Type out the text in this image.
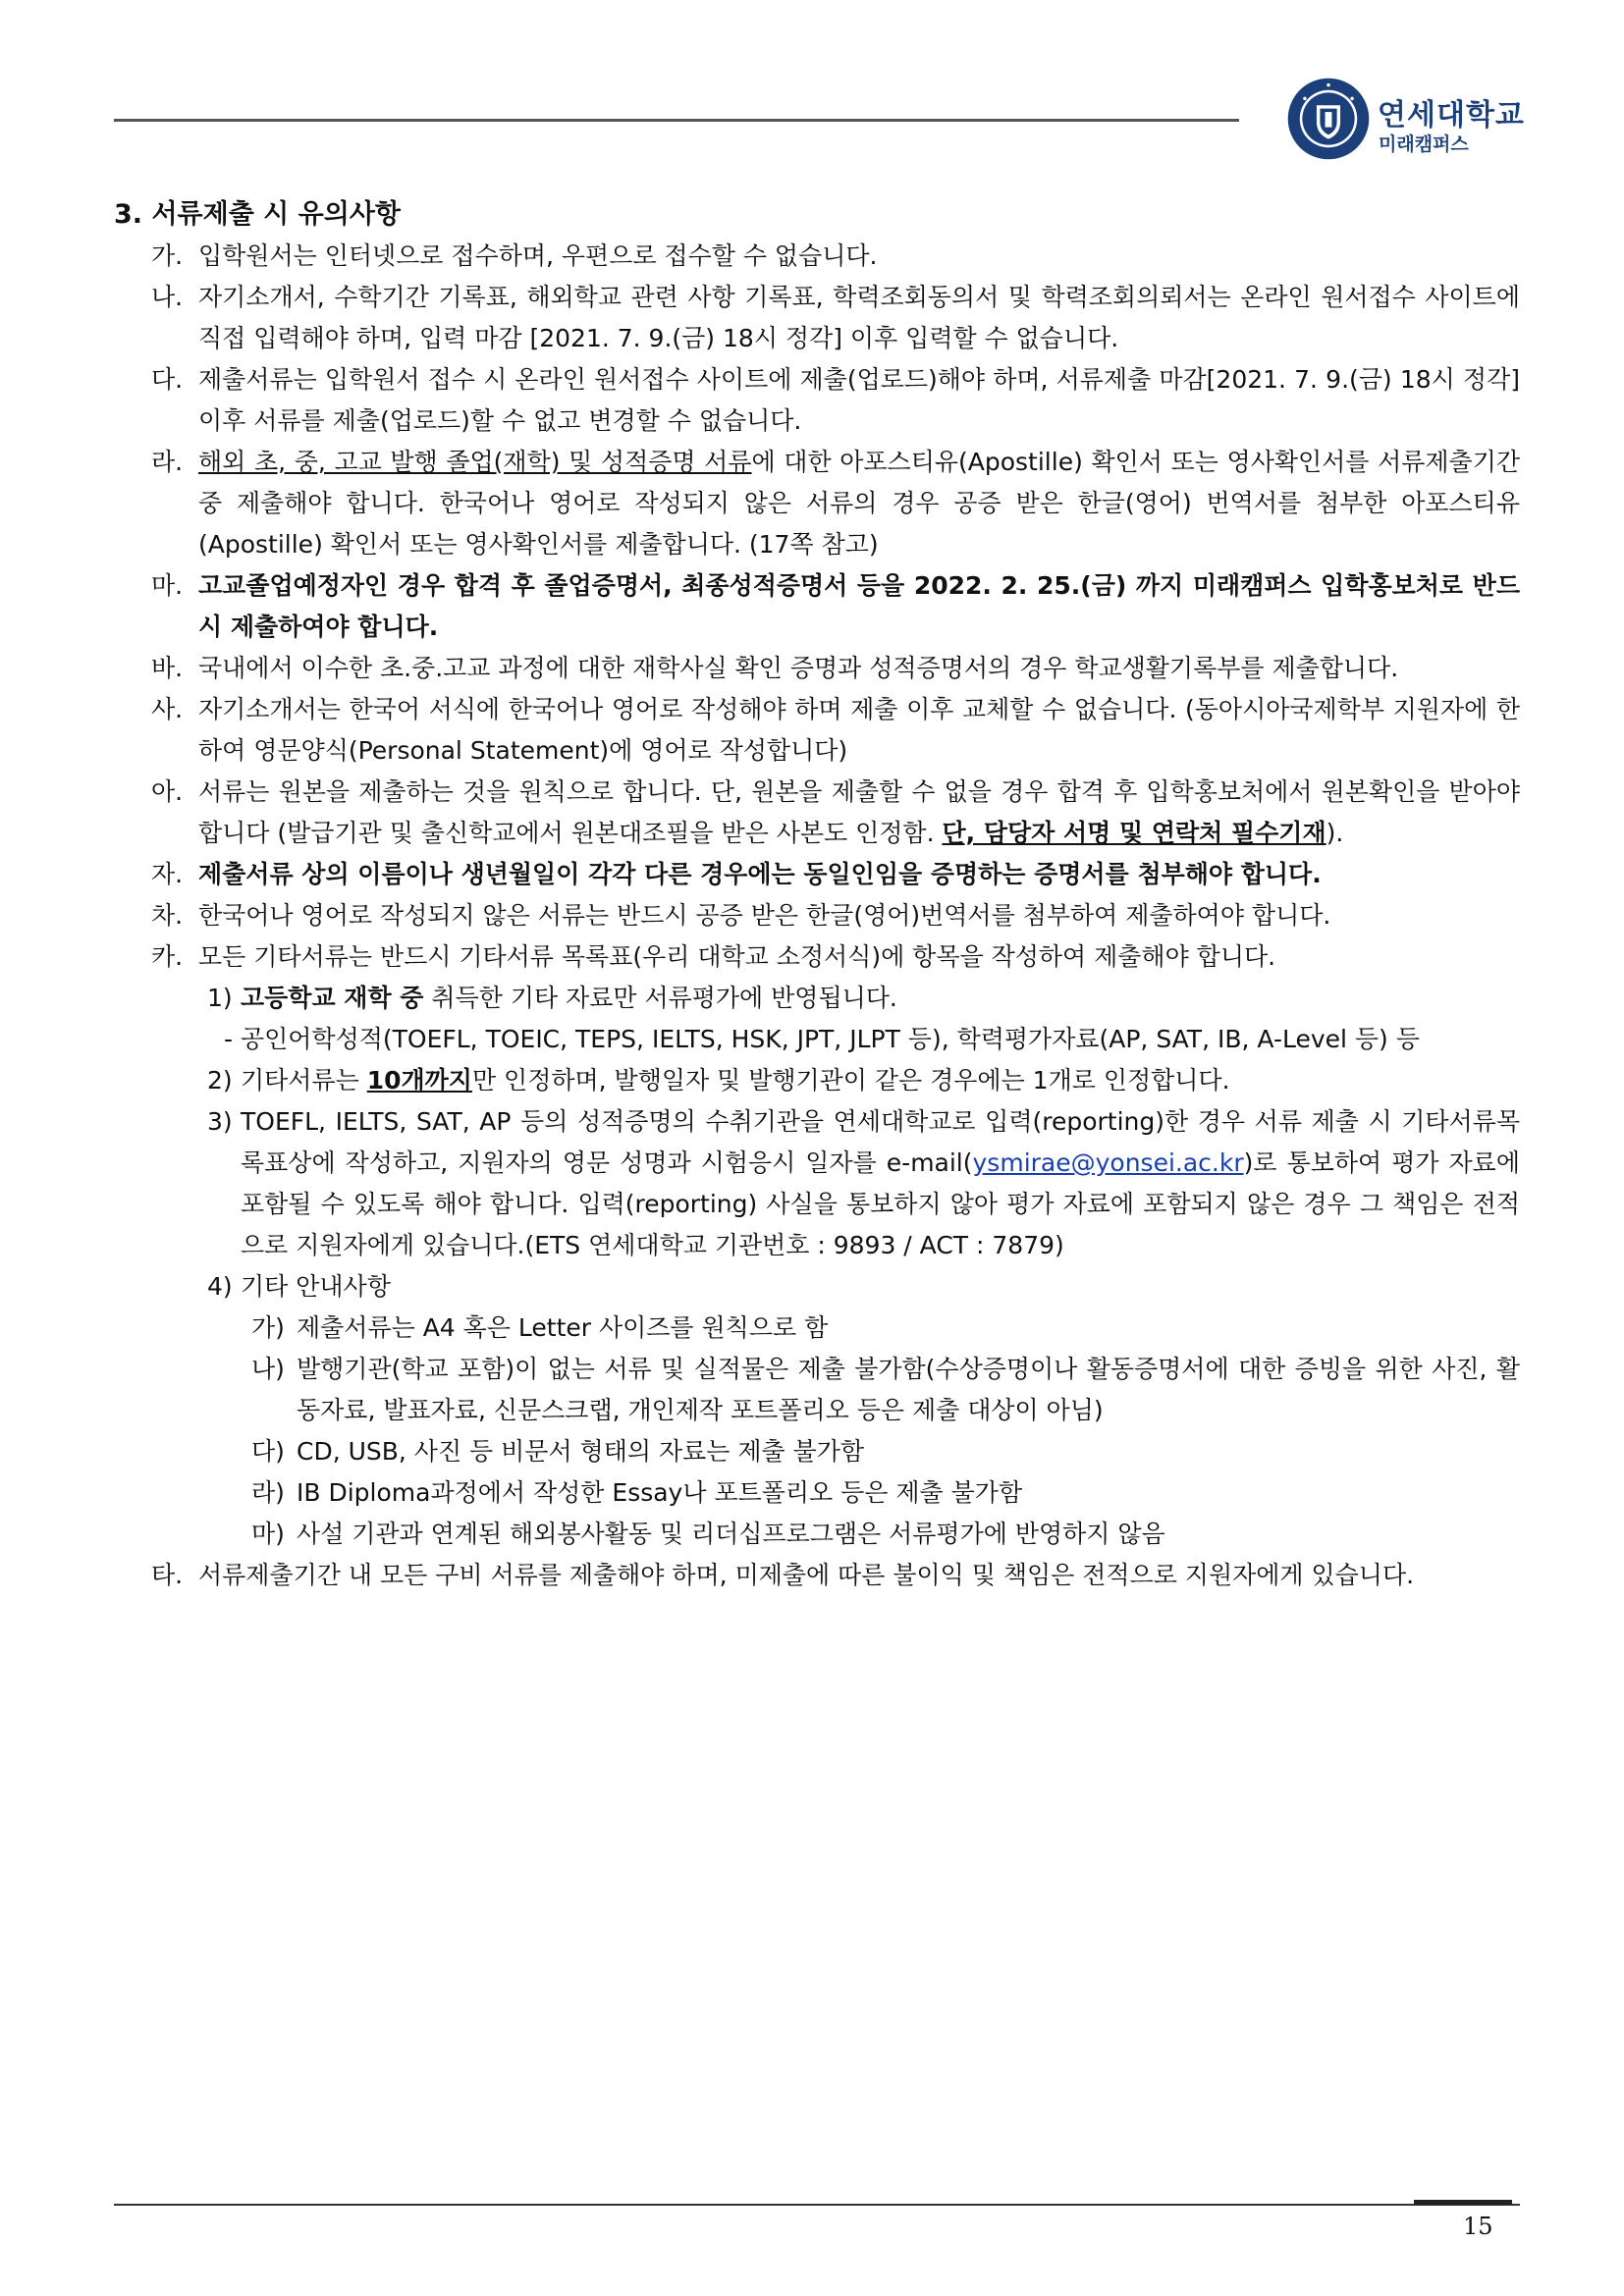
연세대학교
미래캠퍼스
3. 서류제출 시 유의사항
가. 입학원서는 인터넷으로 접수하며, 우편으로 접수할 수 없습니다.
나. 자기소개서, 수학기간 기록표, 해외학교 관련 사항 기록표, 학력조회동의서 및 학력조회의뢰서는 온라인 원서접수 사이트에 직접 입력해야 하며, 입력 마감 [2021. 7. 9.(금) 18시 정각] 이후 입력할 수 없습니다.
다. 제출서류는 입학원서 접수 시 온라인 원서접수 사이트에 제출(업로드)해야 하며, 서류제출 마감[2021. 7. 9.(금) 18시 정각] 이후 서류를 제출(업로드)할 수 없고 변경할 수 없습니다.
라. 해외 초, 중, 고교 발행 졸업(재학) 및 성적증명 서류에 대한 아포스티유(Apostille) 확인서 또는 영사확인서를 서류제출기간 중 제출해야 합니다. 한국어나 영어로 작성되지 않은 서류의 경우 공증 받은 한글(영어) 번역서를 첨부한 아포스티유(Apostille) 확인서 또는 영사확인서를 제출합니다. (17쪽 참고)
마. 고교졸업예정자인 경우 합격 후 졸업증명서, 최종성적증명서 등을 2022. 2. 25.(금) 까지 미래캠퍼스 입학홍보처로 반드시 제출하여야 합니다.
바. 국내에서 이수한 초.중.고교 과정에 대한 재학사실 확인 증명과 성적증명서의 경우 학교생활기록부를 제출합니다.
사. 자기소개서는 한국어 서식에 한국어나 영어로 작성해야 하며 제출 이후 교체할 수 없습니다. (동아시아국제학부 지원자에 한하여 영문양식(Personal Statement)에 영어로 작성합니다)
아. 서류는 원본을 제출하는 것을 원칙으로 합니다. 단, 원본을 제출할 수 없을 경우 합격 후 입학홍보처에서 원본확인을 받아야 합니다 (발급기관 및 출신학교에서 원본대조필을 받은 사본도 인정함. 단, 담당자 서명 및 연락처 필수기재).
자. 제출서류 상의 이름이나 생년월일이 각각 다른 경우에는 동일인임을 증명하는 증명서를 첨부해야 합니다.
차. 한국어나 영어로 작성되지 않은 서류는 반드시 공증 받은 한글(영어)번역서를 첨부하여 제출하여야 합니다.
카. 모든 기타서류는 반드시 기타서류 목록표(우리 대학교 소정서식)에 항목을 작성하여 제출해야 합니다.
1) 고등학교 재학 중 취득한 기타 자료만 서류평가에 반영됩니다.
- 공인어학성적(TOEFL, TOEIC, TEPS, IELTS, HSK, JPT, JLPT 등), 학력평가자료(AP, SAT, IB, A-Level 등) 등
2) 기타서류는 10개까지만 인정하며, 발행일자 및 발행기관이 같은 경우에는 1개로 인정합니다.
3) TOEFL, IELTS, SAT, AP 등의 성적증명의 수취기관을 연세대학교로 입력(reporting)한 경우 서류 제출 시 기타서류목록표상에 작성하고, 지원자의 영문 성명과 시험응시 일자를 e-mail(ysmirae@yonsei.ac.kr)로 통보하여 평가 자료에 포함될 수 있도록 해야 합니다. 입력(reporting) 사실을 통보하지 않아 평가 자료에 포함되지 않은 경우 그 책임은 전적으로 지원자에게 있습니다.(ETS 연세대학교 기관번호 : 9893 / ACT : 7879)
4) 기타 안내사항
가) 제출서류는 A4 혹은 Letter 사이즈를 원칙으로 함
나) 발행기관(학교 포함)이 없는 서류 및 실적물은 제출 불가함(수상증명이나 활동증명서에 대한 증빙을 위한 사진, 활동자료, 발표자료, 신문스크랩, 개인제작 포트폴리오 등은 제출 대상이 아님)
다) CD, USB, 사진 등 비문서 형태의 자료는 제출 불가함
라) IB Diploma과정에서 작성한 Essay나 포트폴리오 등은 제출 불가함
마) 사설 기관과 연계된 해외봉사활동 및 리더십프로그램은 서류평가에 반영하지 않음
타. 서류제출기간 내 모든 구비 서류를 제출해야 하며, 미제출에 따른 불이익 및 책임은 전적으로 지원자에게 있습니다.
15
